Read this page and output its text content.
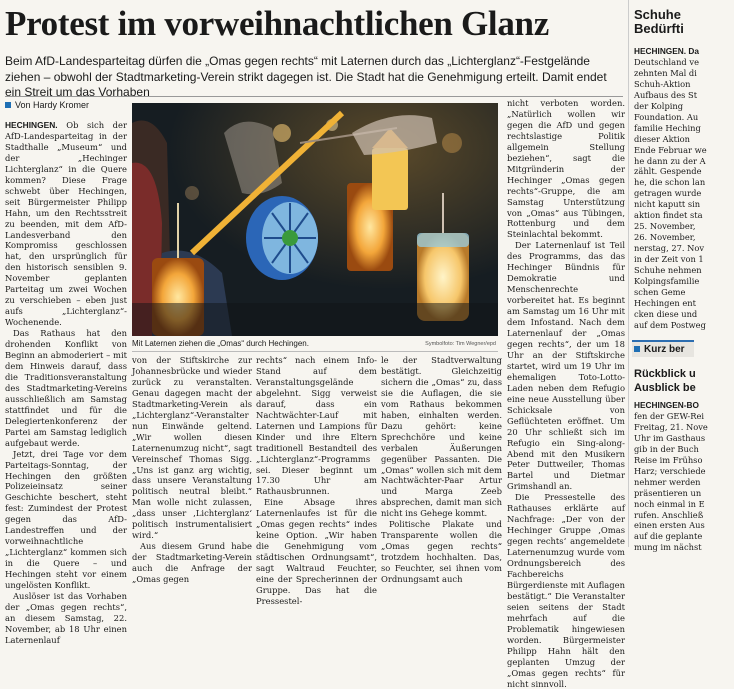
Protest im vorweihnachtlichen Glanz
Beim AfD-Landesparteitag dürfen die „Omas gegen rechts“ mit Laternen durch das „Lichterglanz“-Festgelände ziehen – obwohl der Stadtmarketing-Verein strikt dagegen ist. Die Stadt hat die Genehmigung erteilt. Damit endet ein Streit um das Vorhaben
Von Hardy Kromer

HECHINGEN. Ob sich der AfD-Landesparteitag in der Stadthalle „Museum“ und der „Hechinger Lichterglanz“ in die Quere kommen? Diese Frage schwebt über Hechingen, seit Bürgermeister Philipp Hahn, um den Rechtsstreit zu beenden, mit dem AfD-Landesverband den Kompromiss geschlossen hat, den ursprünglich für den historisch sensiblen 9. November geplanten Parteitag um zwei Wochen zu verschieben – eben just aufs „Lichterglanz“-Wochenende.

Das Rathaus hat den drohenden Konflikt von Beginn an abmoderiert – mit dem Hinweis darauf, dass die Traditionsveranstaltung des Stadtmarketing-Vereins ausschließlich am Samstag stattfindet und für die Delegiertenkonferenz der Partei am Samstag lediglich aufgebaut werde.

Jetzt, drei Tage vor dem Parteitags-Sonntag, der Hechingen den größten Polizeieinsatz seiner Geschichte beschert, steht fest: Zumindest der Protest gegen das AfD-Landestreffen und der vorweihnachtliche „Lichterglanz“ kommen sich in die Quere – und Hechingen steht vor einem ungelösten Konflikt.

Auslöser ist das Vorhaben der „Omas gegen rechts“, an diesem Samstag, 22. November, ab 18 Uhr einen Laternenlauf

Mit Laternen ziehen die „Omas“ durch Hechingen.	Symbolfoto: Tim Wegner/epd

von der Stiftskirche zur Johannesbrücke und wieder zurück zu veranstalten. Genau dagegen macht der Stadtmarketing-Verein als „Lichterglanz“-Veranstalter nun Einwände geltend. „Wir wollen diesen Laternenumzug nicht“, sagt Vereinschef Thomas Sigg. „Uns ist ganz arg wichtig, dass unsere Veranstaltung politisch neutral bleibt.“ Man wolle nicht zulassen, „dass unser ‚Lichterglanz‘ politisch instrumentalisiert wird.“

Aus diesem Grund habe der Stadtmarketing-Verein auch die Anfrage der „Omas gegen

rechts“ nach einem Info-Stand auf dem Veranstaltungsgelände abgelehnt. Sigg verweist darauf, dass ein Nachtwächter-Lauf mit Laternen und Lampions für Kinder und ihre Eltern traditionell Bestandteil des „Lichterglanz“-Programms sei. Dieser beginnt um 17.30 Uhr am Rathausbrunnen.

Eine Absage ihres Laternenlaufes ist für die „Omas gegen rechts“ indes keine Option. „Wir haben die Genehmigung vom städtischen Ordnungsamt“, sagt Waltraud Feuchter, eine der Sprecherinnen der Gruppe. Das hat die Pressestel-

le der Stadtverwaltung bestätigt. Gleichzeitig sichern die „Omas“ zu, dass sie die Auflagen, die sie vom Rathaus bekommen haben, einhalten werden. Dazu gehört: keine Sprechchöre und keine verbalen Äußerungen gegenüber Passanten. Die „Omas“ wollen sich mit dem Nachtwächter-Paar Artur und Marga Zeeb absprechen, damit man sich nicht ins Gehege kommt.

Politische Plakate und Transparente wollen die „Omas gegen rechts“ trotzdem hochhalten. Das, so Feuchter, sei ihnen vom Ordnungsamt auch

nicht verboten worden. „Natürlich wollen wir gegen die AfD und gegen rechtslastige Politik allgemein Stellung beziehen“, sagt die Mitgründerin der Hechinger „Omas gegen rechts“-Gruppe, die am Samstag Unterstützung von „Omas“ aus Tübingen, Rottenburg und dem Steinlachtal bekommt.

Der Laternenlauf ist Teil des Programms, das das Hechinger Bündnis für Demokratie und Menschenrechte vorbereitet hat. Es beginnt am Samstag um 16 Uhr mit dem Infostand. Nach dem Laternenlauf der „Omas gegen rechts“, der um 18 Uhr an der Stiftskirche startet, wird um 19 Uhr im ehemaligen Toto-Lotto-Laden neben dem Refugio eine neue Ausstellung über Schicksale von Geflüchteten eröffnet. Um 20 Uhr schließt sich im Refugio ein Sing-along-Abend mit den Musikern Peter Duttweiler, Thomas Bartel und Dietmar Grimshandl an.

Die Pressestelle des Rathauses erklärte auf Nachfrage: „Der von der Hechinger Gruppe ‚Omas gegen rechts‘ angemeldete Laternenumzug wurde vom Ordnungsbereich des Fachbereichs Bürgerdienste mit Auflagen bestätigt.“ Die Veranstalter seien seitens der Stadt mehrfach auf die Problematik hingewiesen worden. Bürgermeister Philipp Hahn hält den geplanten Umzug der „Omas gegen rechts“ für nicht sinnvoll.

Schuhe
Bedürfti
HECHINGEN. Da
Deutschland ve
zehnten Mal di
Schuh-Aktion
Aufbaus des St
der Kolping
Foundation. Au
familie Heching
dieser Aktion
Ende Februar we
he dann zu der A
zählt. Gespende
he, die schon lan
getragen wurde
nicht kaputt sin
aktion findet sta
25. November,
26. November,
nerstag, 27. Nov
in der Zeit von 1
Schuhe nehmen
Kolpingsfamilie
schen Geme
Hechingen ent
cken diese und
auf dem Postweg
Kurz ber
Rückblick u
Ausblick be
HECHINGEN-BO
fen der GEW-Rei
Freitag, 21. Nove
Uhr im Gasthaus
gib in der Buch
Reise im Frühso
Harz; verschiede
nehmer werden
präsentieren un
noch einmal in E
rufen. Anschließ
einen ersten Aus
auf die geplante
mung im nächst
